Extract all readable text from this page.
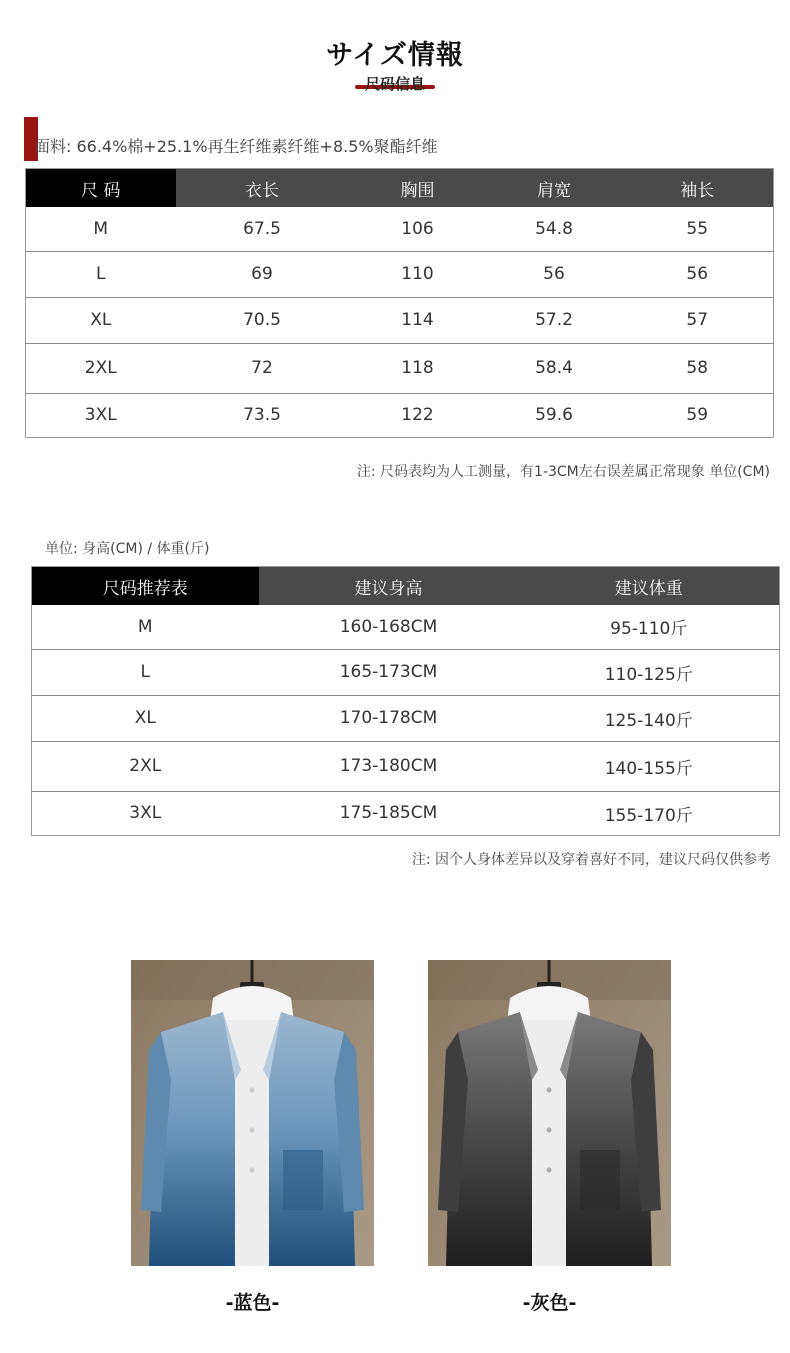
サイズ情報
尺码信息
面料: 66.4%棉+25.1%再生纤维素纤维+8.5%聚酯纤维
尺 码	衣长	胸围	肩宽	袖长
M	67.5	106	54.8	55
L	69	110	56	56
XL	70.5	114	57.2	57
2XL	72	118	58.4	58
3XL	73.5	122	59.6	59
注: 尺码表均为人工测量，有1-3CM左右误差属正常现象 单位(CM)
单位: 身高(CM) / 体重(斤)
尺码推荐表	建议身高	建议体重
M	160-168CM	95-110斤
L	165-173CM	110-125斤
XL	170-178CM	125-140斤
2XL	173-180CM	140-155斤
3XL	175-185CM	155-170斤
注: 因个人身体差异以及穿着喜好不同，建议尺码仅供参考
-蓝色-	-灰色-
